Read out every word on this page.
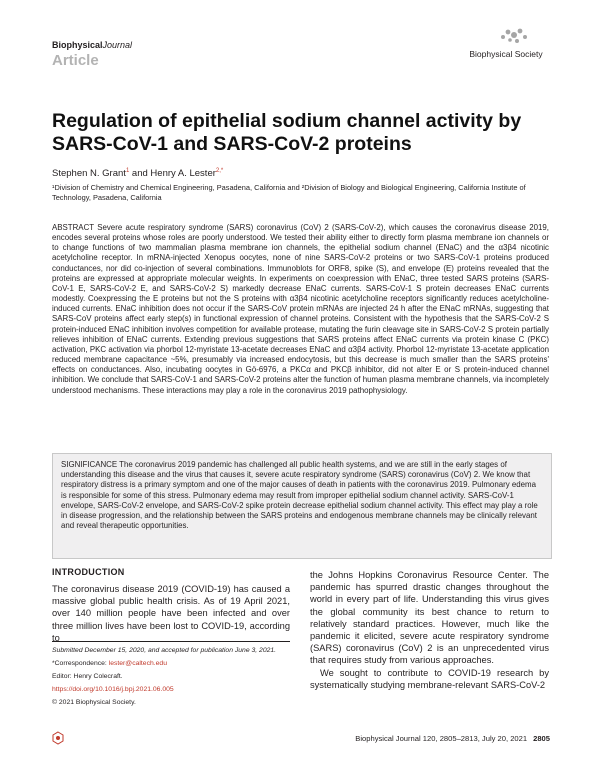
BiophysicalJournal
Article	Biophysical Society
Regulation of epithelial sodium channel activity by SARS-CoV-1 and SARS-CoV-2 proteins
Stephen N. Grant$^1$ and Henry A. Lester$^{2,*}$
¹Division of Chemistry and Chemical Engineering, Pasadena, California and ²Division of Biology and Biological Engineering, California Institute of Technology, Pasadena, California
ABSTRACT Severe acute respiratory syndrome (SARS) coronavirus (CoV) 2 (SARS-CoV-2), which causes the coronavirus disease 2019, encodes several proteins whose roles are poorly understood. We tested their ability either to directly form plasma membrane ion channels or to change functions of two mammalian plasma membrane ion channels, the epithelial sodium channel (ENaC) and the α3β4 nicotinic acetylcholine receptor. In mRNA-injected Xenopus oocytes, none of nine SARS-CoV-2 proteins or two SARS-CoV-1 proteins produced conductances, nor did co-injection of several combinations. Immunoblots for ORF8, spike (S), and envelope (E) proteins revealed that the proteins are expressed at appropriate molecular weights. In experiments on coexpression with ENaC, three tested SARS proteins (SARS-CoV-1 E, SARS-CoV-2 E, and SARS-CoV-2 S) markedly decrease ENaC currents. SARS-CoV-1 S protein decreases ENaC currents modestly. Coexpressing the E proteins but not the S proteins with α3β4 nicotinic acetylcholine receptors significantly reduces acetylcholine-induced currents. ENaC inhibition does not occur if the SARS-CoV protein mRNAs are injected 24 h after the ENaC mRNAs, suggesting that SARS-CoV proteins affect early step(s) in functional expression of channel proteins. Consistent with the hypothesis that the SARS-CoV-2 S protein-induced ENaC inhibition involves competition for available protease, mutating the furin cleavage site in SARS-CoV-2 S protein partially relieves inhibition of ENaC currents. Extending previous suggestions that SARS proteins affect ENaC currents via protein kinase C (PKC) activation, PKC activation via phorbol 12-myristate 13-acetate decreases ENaC and α3β4 activity. Phorbol 12-myristate 13-acetate application reduced membrane capacitance ~5%, presumably via increased endocytosis, but this decrease is much smaller than the SARS proteins' effects on conductances. Also, incubating oocytes in Gö-6976, a PKCα and PKCβ inhibitor, did not alter E or S protein-induced channel inhibition. We conclude that SARS-CoV-1 and SARS-CoV-2 proteins alter the function of human plasma membrane channels, via incompletely understood mechanisms. These interactions may play a role in the coronavirus 2019 pathophysiology.
SIGNIFICANCE The coronavirus 2019 pandemic has challenged all public health systems, and we are still in the early stages of understanding this disease and the virus that causes it, severe acute respiratory syndrome (SARS) coronavirus (CoV) 2. We know that respiratory distress is a primary symptom and one of the major causes of death in patients with the coronavirus 2019. Pulmonary edema is responsible for some of this stress. Pulmonary edema may result from improper epithelial sodium channel activity. SARS-CoV-1 envelope, SARS-CoV-2 envelope, and SARS-CoV-2 spike protein decrease epithelial sodium channel activity. This effect may play a role in disease progression, and the relationship between the SARS proteins and endogenous membrane channels may be clinically relevant and reveal therapeutic opportunities.
INTRODUCTION
The coronavirus disease 2019 (COVID-19) has caused a massive global public health crisis. As of 19 April 2021, over 140 million people have been infected and over three million lives have been lost to COVID-19, according to
Submitted December 15, 2020, and accepted for publication June 3, 2021.
*Correspondence: lester@caltech.edu
Editor: Henry Colecraft.
https://doi.org/10.1016/j.bpj.2021.06.005
© 2021 Biophysical Society.
the Johns Hopkins Coronavirus Resource Center. The pandemic has spurred drastic changes throughout the world in every part of life. Understanding this virus gives the global community its best chance to return to relatively standard practices. However, much like the pandemic it elicited, severe acute respiratory syndrome (SARS) coronavirus (CoV) 2 is an unprecedented virus that requires study from various approaches.
We sought to contribute to COVID-19 research by systematically studying membrane-relevant SARS-CoV-2
Biophysical Journal 120, 2805–2813, July 20, 2021 2805
